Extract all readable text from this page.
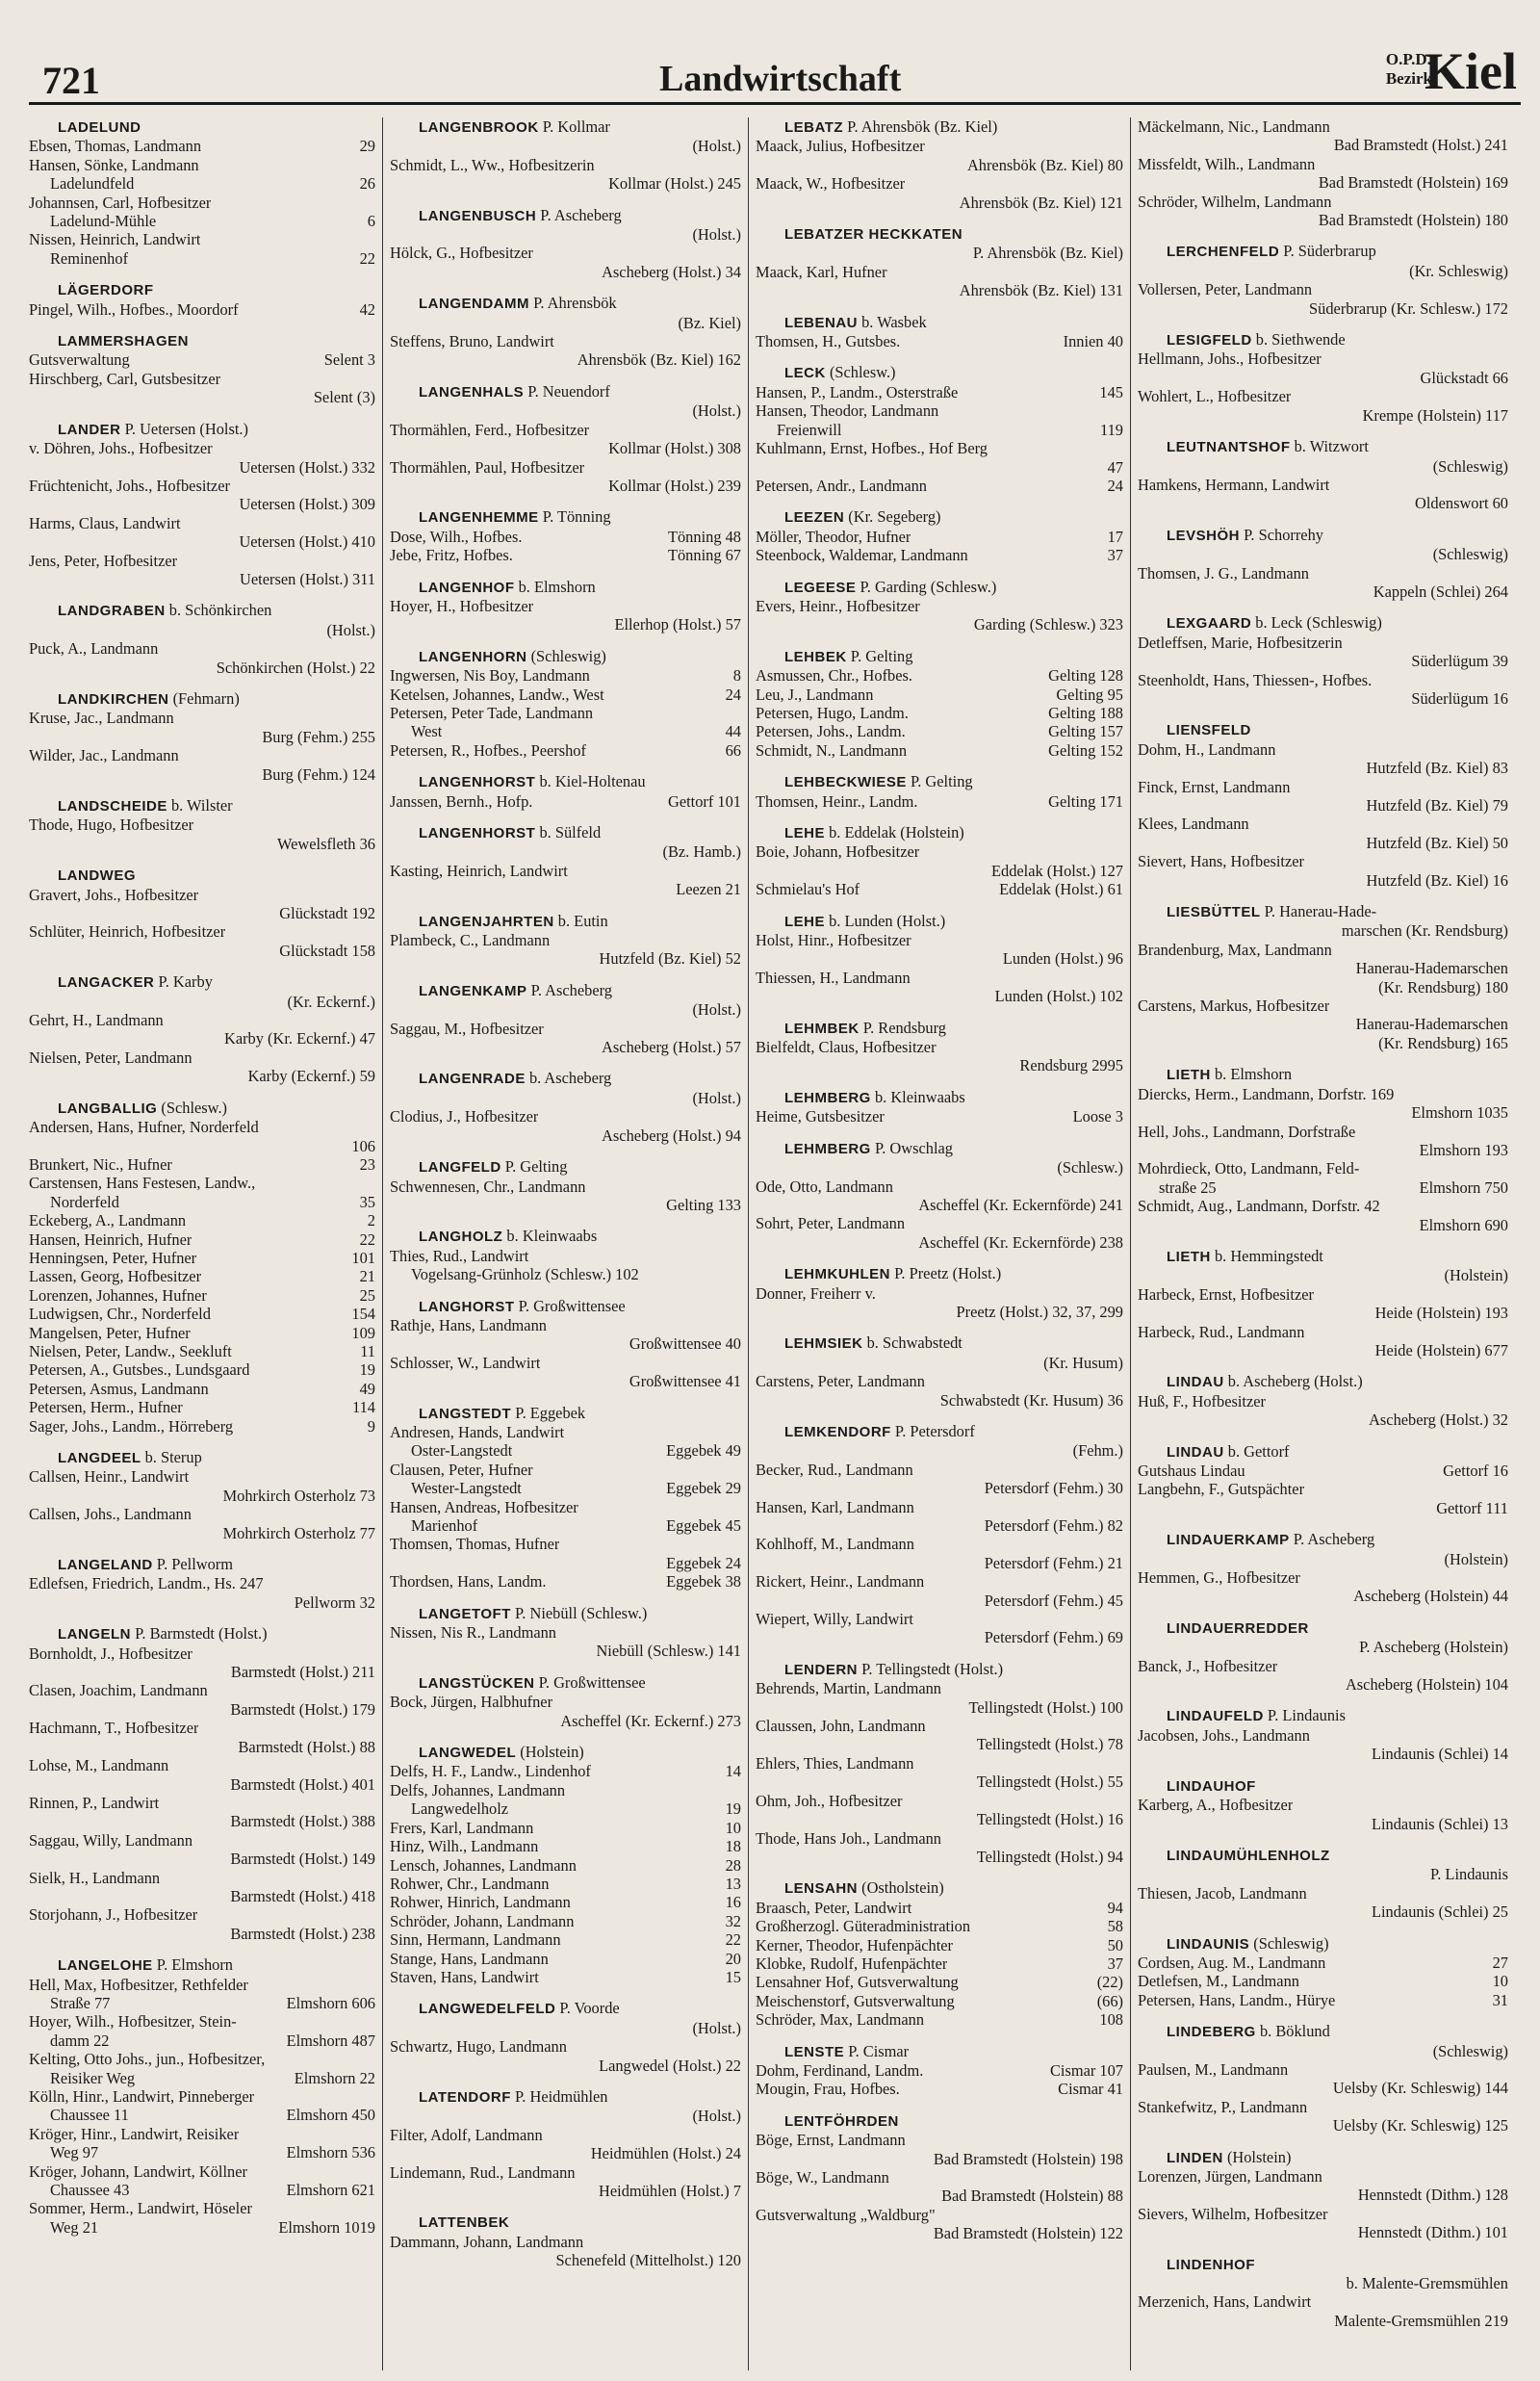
721	Landwirtschaft	O.P.D.
Bezirk
Kiel
LADELUND
Ebsen, Thomas, Landmann	29
Hansen, Sönke, Landmann
Ladelundfeld	26
Johannsen, Carl, Hofbesitzer
Ladelund-Mühle	6
Nissen, Heinrich, Landwirt
Reminenhof	22
LÄGERDORF
Pingel, Wilh., Hofbes., Moordorf	42
LAMMERSHAGEN
Gutsverwaltung	Selent 3
Hirschberg, Carl, Gutsbesitzer
Selent (3)
LANDER P. Uetersen (Holst.)
v. Döhren, Johs., Hofbesitzer
Uetersen (Holst.) 332
Früchtenicht, Johs., Hofbesitzer
Uetersen (Holst.) 309
Harms, Claus, Landwirt
Uetersen (Holst.) 410
Jens, Peter, Hofbesitzer
Uetersen (Holst.) 311
LANDGRABEN b. Schönkirchen
(Holst.)
Puck, A., Landmann
Schönkirchen (Holst.) 22
LANDKIRCHEN (Fehmarn)
Kruse, Jac., Landmann
Burg (Fehm.) 255
Wilder, Jac., Landmann
Burg (Fehm.) 124
LANDSCHEIDE b. Wilster
Thode, Hugo, Hofbesitzer
Wewelsfleth 36
LANDWEG
Gravert, Johs., Hofbesitzer
Glückstadt 192
Schlüter, Heinrich, Hofbesitzer
Glückstadt 158
LANGACKER P. Karby
(Kr. Eckernf.)
Gehrt, H., Landmann
Karby (Kr. Eckernf.) 47
Nielsen, Peter, Landmann
Karby (Eckernf.) 59
LANGBALLIG (Schlesw.)
Andersen, Hans, Hufner, Norderfeld
106
Brunkert, Nic., Hufner	23
Carstensen, Hans Festesen, Landw.,
Norderfeld	35
Eckeberg, A., Landmann	2
Hansen, Heinrich, Hufner	22
Henningsen, Peter, Hufner	101
Lassen, Georg, Hofbesitzer	21
Lorenzen, Johannes, Hufner	25
Ludwigsen, Chr., Norderfeld	154
Mangelsen, Peter, Hufner	109
Nielsen, Peter, Landw., Seekluft	11
Petersen, A., Gutsbes., Lundsgaard	19
Petersen, Asmus, Landmann	49
Petersen, Herm., Hufner	114
Sager, Johs., Landm., Hörreberg	9
LANGDEEL b. Sterup
Callsen, Heinr., Landwirt
Mohrkirch Osterholz 73
Callsen, Johs., Landmann
Mohrkirch Osterholz 77
LANGELAND P. Pellworm
Edlefsen, Friedrich, Landm., Hs. 247
Pellworm 32
LANGELN P. Barmstedt (Holst.)
Bornholdt, J., Hofbesitzer
Barmstedt (Holst.) 211
Clasen, Joachim, Landmann
Barmstedt (Holst.) 179
Hachmann, T., Hofbesitzer
Barmstedt (Holst.) 88
Lohse, M., Landmann
Barmstedt (Holst.) 401
Rinnen, P., Landwirt
Barmstedt (Holst.) 388
Saggau, Willy, Landmann
Barmstedt (Holst.) 149
Sielk, H., Landmann
Barmstedt (Holst.) 418
Storjohann, J., Hofbesitzer
Barmstedt (Holst.) 238
LANGELOHE P. Elmshorn
Hell, Max, Hofbesitzer, Rethfelder
Straße 77	Elmshorn 606
Hoyer, Wilh., Hofbesitzer, Stein-
damm 22	Elmshorn 487
Kelting, Otto Johs., jun., Hofbesitzer,
Reisiker Weg	Elmshorn 22
Kölln, Hinr., Landwirt, Pinneberger
Chaussee 11	Elmshorn 450
Kröger, Hinr., Landwirt, Reisiker
Weg 97	Elmshorn 536
Kröger, Johann, Landwirt, Köllner
Chaussee 43	Elmshorn 621
Sommer, Herm., Landwirt, Höseler
Weg 21	Elmshorn 1019
LANGENBROOK P. Kollmar
(Holst.)
Schmidt, L., Ww., Hofbesitzerin
Kollmar (Holst.) 245
LANGENBUSCH P. Ascheberg
(Holst.)
Hölck, G., Hofbesitzer
Ascheberg (Holst.) 34
LANGENDAMM P. Ahrensbök
(Bz. Kiel)
Steffens, Bruno, Landwirt
Ahrensbök (Bz. Kiel) 162
LANGENHALS P. Neuendorf
(Holst.)
Thormählen, Ferd., Hofbesitzer
Kollmar (Holst.) 308
Thormählen, Paul, Hofbesitzer
Kollmar (Holst.) 239
LANGENHEMME P. Tönning
Dose, Wilh., Hofbes.	Tönning 48
Jebe, Fritz, Hofbes.	Tönning 67
LANGENHOF b. Elmshorn
Hoyer, H., Hofbesitzer
Ellerhop (Holst.) 57
LANGENHORN (Schleswig)
Ingwersen, Nis Boy, Landmann	8
Ketelsen, Johannes, Landw., West	24
Petersen, Peter Tade, Landmann
West	44
Petersen, R., Hofbes., Peershof	66
LANGENHORST b. Kiel-Holtenau
Janssen, Bernh., Hofp.	Gettorf 101
LANGENHORST b. Sülfeld
(Bz. Hamb.)
Kasting, Heinrich, Landwirt
Leezen 21
LANGENJAHRTEN b. Eutin
Plambeck, C., Landmann
Hutzfeld (Bz. Kiel) 52
LANGENKAMP P. Ascheberg
(Holst.)
Saggau, M., Hofbesitzer
Ascheberg (Holst.) 57
LANGENRADE b. Ascheberg
(Holst.)
Clodius, J., Hofbesitzer
Ascheberg (Holst.) 94
LANGFELD P. Gelting
Schwennesen, Chr., Landmann
Gelting 133
LANGHOLZ b. Kleinwaabs
Thies, Rud., Landwirt
Vogelsang-Grünholz (Schlesw.) 102
LANGHORST P. Großwittensee
Rathje, Hans, Landmann
Großwittensee 40
Schlosser, W., Landwirt
Großwittensee 41
LANGSTEDT P. Eggebek
Andresen, Hands, Landwirt
Oster-Langstedt	Eggebek 49
Clausen, Peter, Hufner
Wester-Langstedt	Eggebek 29
Hansen, Andreas, Hofbesitzer
Marienhof	Eggebek 45
Thomsen, Thomas, Hufner
Eggebek 24
Thordsen, Hans, Landm.	Eggebek 38
LANGETOFT P. Niebüll (Schlesw.)
Nissen, Nis R., Landmann
Niebüll (Schlesw.) 141
LANGSTÜCKEN P. Großwittensee
Bock, Jürgen, Halbhufner
Ascheffel (Kr. Eckernf.) 273
LANGWEDEL (Holstein)
Delfs, H. F., Landw., Lindenhof	14
Delfs, Johannes, Landmann
Langwedelholz	19
Frers, Karl, Landmann	10
Hinz, Wilh., Landmann	18
Lensch, Johannes, Landmann	28
Rohwer, Chr., Landmann	13
Rohwer, Hinrich, Landmann	16
Schröder, Johann, Landmann	32
Sinn, Hermann, Landmann	22
Stange, Hans, Landmann	20
Staven, Hans, Landwirt	15
LANGWEDELFELD P. Voorde
(Holst.)
Schwartz, Hugo, Landmann
Langwedel (Holst.) 22
LATENDORF P. Heidmühlen
(Holst.)
Filter, Adolf, Landmann
Heidmühlen (Holst.) 24
Lindemann, Rud., Landmann
Heidmühlen (Holst.) 7
LATTENBEK
Dammann, Johann, Landmann
Schenefeld (Mittelholst.) 120
LEBATZ P. Ahrensbök (Bz. Kiel)
Maack, Julius, Hofbesitzer
Ahrensbök (Bz. Kiel) 80
Maack, W., Hofbesitzer
Ahrensbök (Bz. Kiel) 121
LEBATZER HECKKATEN
P. Ahrensbök (Bz. Kiel)
Maack, Karl, Hufner
Ahrensbök (Bz. Kiel) 131
LEBENAU b. Wasbek
Thomsen, H., Gutsbes.	Innien 40
LECK (Schlesw.)
Hansen, P., Landm., Osterstraße	145
Hansen, Theodor, Landmann
Freienwill	119
Kuhlmann, Ernst, Hofbes., Hof Berg
47
Petersen, Andr., Landmann	24
LEEZEN (Kr. Segeberg)
Möller, Theodor, Hufner	17
Steenbock, Waldemar, Landmann	37
LEGEESE P. Garding (Schlesw.)
Evers, Heinr., Hofbesitzer
Garding (Schlesw.) 323
LEHBEK P. Gelting
Asmussen, Chr., Hofbes.	Gelting 128
Leu, J., Landmann	Gelting 95
Petersen, Hugo, Landm.	Gelting 188
Petersen, Johs., Landm.	Gelting 157
Schmidt, N., Landmann	Gelting 152
LEHBECKWIESE P. Gelting
Thomsen, Heinr., Landm.	Gelting 171
LEHE b. Eddelak (Holstein)
Boie, Johann, Hofbesitzer
Eddelak (Holst.) 127
Schmielau's Hof	Eddelak (Holst.) 61
LEHE b. Lunden (Holst.)
Holst, Hinr., Hofbesitzer
Lunden (Holst.) 96
Thiessen, H., Landmann
Lunden (Holst.) 102
LEHMBEK P. Rendsburg
Bielfeldt, Claus, Hofbesitzer
Rendsburg 2995
LEHMBERG b. Kleinwaabs
Heime, Gutsbesitzer	Loose 3
LEHMBERG P. Owschlag
(Schlesw.)
Ode, Otto, Landmann
Ascheffel (Kr. Eckernförde) 241
Sohrt, Peter, Landmann
Ascheffel (Kr. Eckernförde) 238
LEHMKUHLEN P. Preetz (Holst.)
Donner, Freiherr v.
Preetz (Holst.) 32, 37, 299
LEHMSIEK b. Schwabstedt
(Kr. Husum)
Carstens, Peter, Landmann
Schwabstedt (Kr. Husum) 36
LEMKENDORF P. Petersdorf
(Fehm.)
Becker, Rud., Landmann
Petersdorf (Fehm.) 30
Hansen, Karl, Landmann
Petersdorf (Fehm.) 82
Kohlhoff, M., Landmann
Petersdorf (Fehm.) 21
Rickert, Heinr., Landmann
Petersdorf (Fehm.) 45
Wiepert, Willy, Landwirt
Petersdorf (Fehm.) 69
LENDERN P. Tellingstedt (Holst.)
Behrends, Martin, Landmann
Tellingstedt (Holst.) 100
Claussen, John, Landmann
Tellingstedt (Holst.) 78
Ehlers, Thies, Landmann
Tellingstedt (Holst.) 55
Ohm, Joh., Hofbesitzer
Tellingstedt (Holst.) 16
Thode, Hans Joh., Landmann
Tellingstedt (Holst.) 94
LENSAHN (Ostholstein)
Braasch, Peter, Landwirt	94
Großherzogl. Güteradministration	58
Kerner, Theodor, Hufenpächter	50
Klobke, Rudolf, Hufenpächter	37
Lensahner Hof, Gutsverwaltung	(22)
Meischenstorf, Gutsverwaltung	(66)
Schröder, Max, Landmann	108
LENSTE P. Cismar
Dohm, Ferdinand, Landm.	Cismar 107
Mougin, Frau, Hofbes.	Cismar 41
LENTFÖHRDEN
Böge, Ernst, Landmann
Bad Bramstedt (Holstein) 198
Böge, W., Landmann
Bad Bramstedt (Holstein) 88
Gutsverwaltung „Waldburg"
Bad Bramstedt (Holstein) 122
Mäckelmann, Nic., Landmann
Bad Bramstedt (Holst.) 241
Missfeldt, Wilh., Landmann
Bad Bramstedt (Holstein) 169
Schröder, Wilhelm, Landmann
Bad Bramstedt (Holstein) 180
LERCHENFELD P. Süderbrarup
(Kr. Schleswig)
Vollersen, Peter, Landmann
Süderbrarup (Kr. Schlesw.) 172
LESIGFELD b. Siethwende
Hellmann, Johs., Hofbesitzer
Glückstadt 66
Wohlert, L., Hofbesitzer
Krempe (Holstein) 117
LEUTNANTSHOF b. Witzwort
(Schleswig)
Hamkens, Hermann, Landwirt
Oldenswort 60
LEVSHÖH P. Schorrehy
(Schleswig)
Thomsen, J. G., Landmann
Kappeln (Schlei) 264
LEXGAARD b. Leck (Schleswig)
Detleffsen, Marie, Hofbesitzerin
Süderlügum 39
Steenholdt, Hans, Thiessen-, Hofbes.
Süderlügum 16
LIENSFELD
Dohm, H., Landmann
Hutzfeld (Bz. Kiel) 83
Finck, Ernst, Landmann
Hutzfeld (Bz. Kiel) 79
Klees, Landmann
Hutzfeld (Bz. Kiel) 50
Sievert, Hans, Hofbesitzer
Hutzfeld (Bz. Kiel) 16
LIESBÜTTEL P. Hanerau-Hade-
marschen (Kr. Rendsburg)
Brandenburg, Max, Landmann
Hanerau-Hademarschen
(Kr. Rendsburg) 180
Carstens, Markus, Hofbesitzer
Hanerau-Hademarschen
(Kr. Rendsburg) 165
LIETH b. Elmshorn
Diercks, Herm., Landmann, Dorfstr. 169
Elmshorn 1035
Hell, Johs., Landmann, Dorfstraße
Elmshorn 193
Mohrdieck, Otto, Landmann, Feld-
straße 25	Elmshorn 750
Schmidt, Aug., Landmann, Dorfstr. 42
Elmshorn 690
LIETH b. Hemmingstedt
(Holstein)
Harbeck, Ernst, Hofbesitzer
Heide (Holstein) 193
Harbeck, Rud., Landmann
Heide (Holstein) 677
LINDAU b. Ascheberg (Holst.)
Huß, F., Hofbesitzer
Ascheberg (Holst.) 32
LINDAU b. Gettorf
Gutshaus Lindau	Gettorf 16
Langbehn, F., Gutspächter
Gettorf 111
LINDAUERKAMP P. Ascheberg
(Holstein)
Hemmen, G., Hofbesitzer
Ascheberg (Holstein) 44
LINDAUERREDDER
P. Ascheberg (Holstein)
Banck, J., Hofbesitzer
Ascheberg (Holstein) 104
LINDAUFELD P. Lindaunis
Jacobsen, Johs., Landmann
Lindaunis (Schlei) 14
LINDAUHOF
Karberg, A., Hofbesitzer
Lindaunis (Schlei) 13
LINDAUMÜHLENHOLZ
P. Lindaunis
Thiesen, Jacob, Landmann
Lindaunis (Schlei) 25
LINDAUNIS (Schleswig)
Cordsen, Aug. M., Landmann	27
Detlefsen, M., Landmann	10
Petersen, Hans, Landm., Hürye	31
LINDEBERG b. Böklund
(Schleswig)
Paulsen, M., Landmann
Uelsby (Kr. Schleswig) 144
Stankefwitz, P., Landmann
Uelsby (Kr. Schleswig) 125
LINDEN (Holstein)
Lorenzen, Jürgen, Landmann
Hennstedt (Dithm.) 128
Sievers, Wilhelm, Hofbesitzer
Hennstedt (Dithm.) 101
LINDENHOF
b. Malente-Gremsmühlen
Merzenich, Hans, Landwirt
Malente-Gremsmühlen 219
